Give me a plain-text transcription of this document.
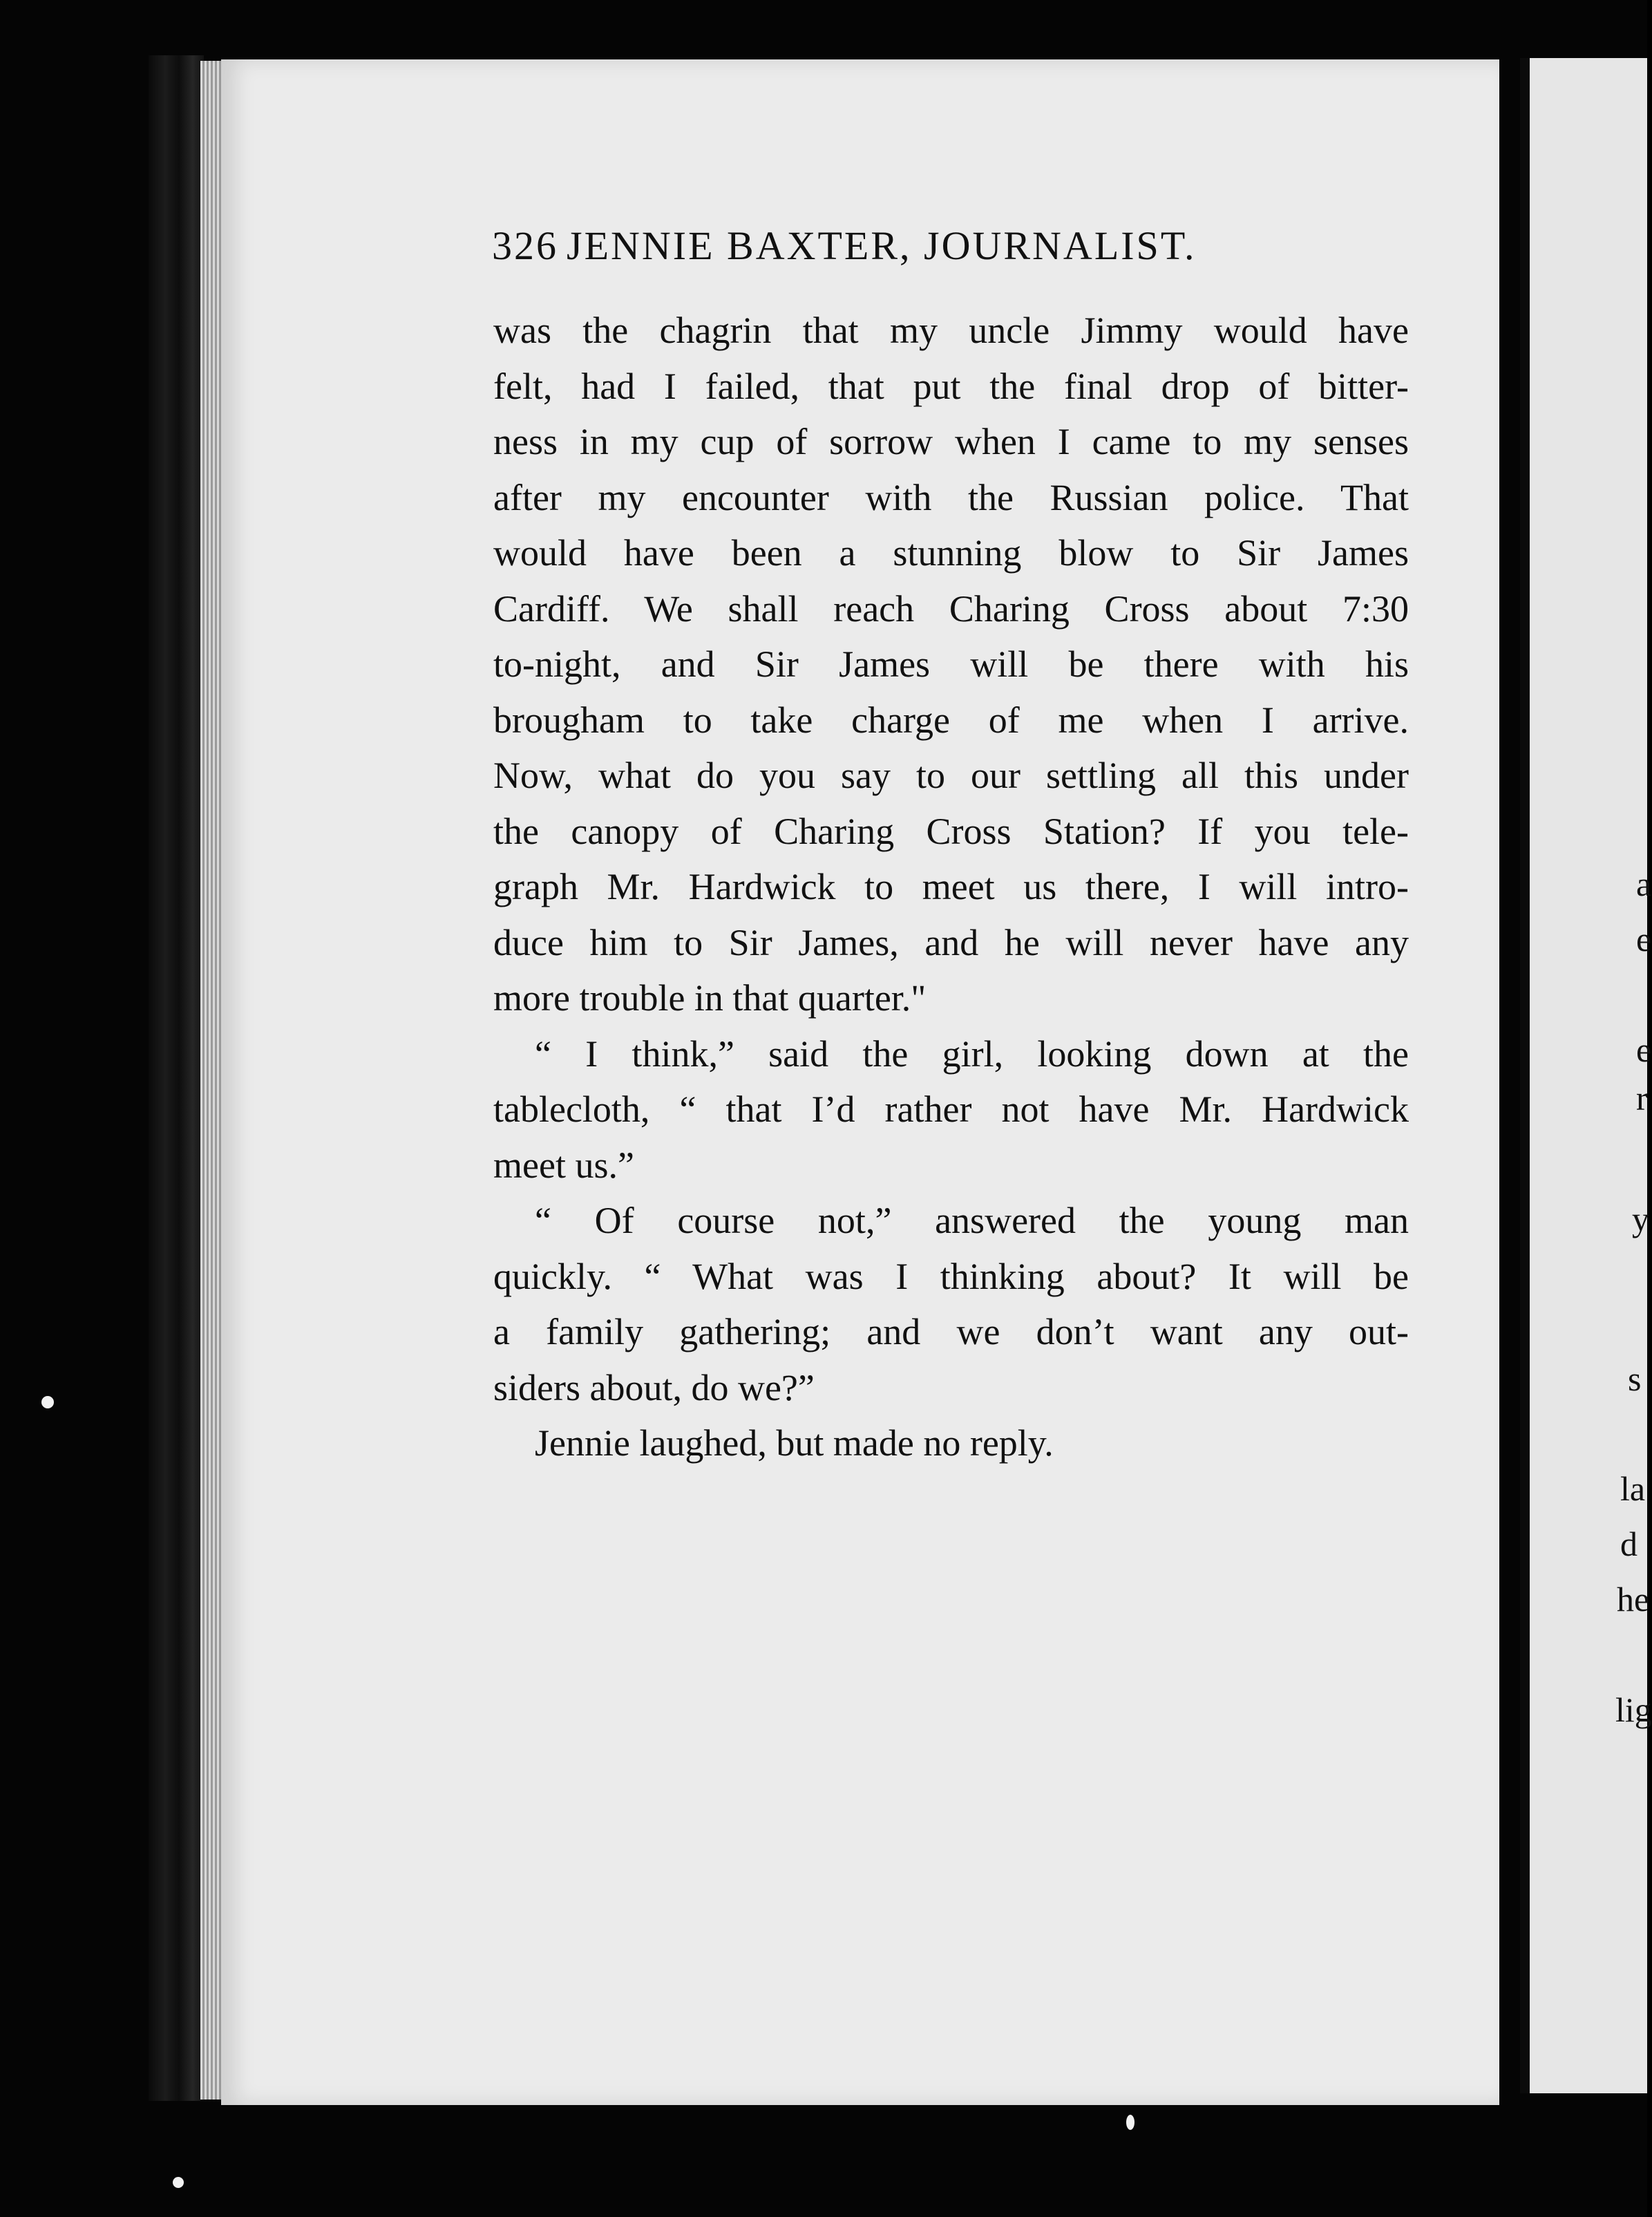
326 JENNIE BAXTER, JOURNALIST.
was the chagrin that my uncle Jimmy would have
felt, had I failed, that put the final drop of bitter-
ness in my cup of sorrow when I came to my senses
after my encounter with the Russian police. That
would have been a stunning blow to Sir James
Cardiff. We shall reach Charing Cross about 7:30
to-night, and Sir James will be there with his
brougham to take charge of me when I arrive.
Now, what do you say to our settling all this under
the canopy of Charing Cross Station? If you tele-
graph Mr. Hardwick to meet us there, I will intro-
duce him to Sir James, and he will never have any
more trouble in that quarter."
“ I think,” said the girl, looking down at the
tablecloth, “ that I’d rather not have Mr. Hardwick
meet us.”
“ Of course not,” answered the young man
quickly. “ What was I thinking about? It will be
a family gathering; and we don’t want any out-
siders about, do we?”
Jennie laughed, but made no reply.
a
e
e
r
y
s
la
d
he
lig
